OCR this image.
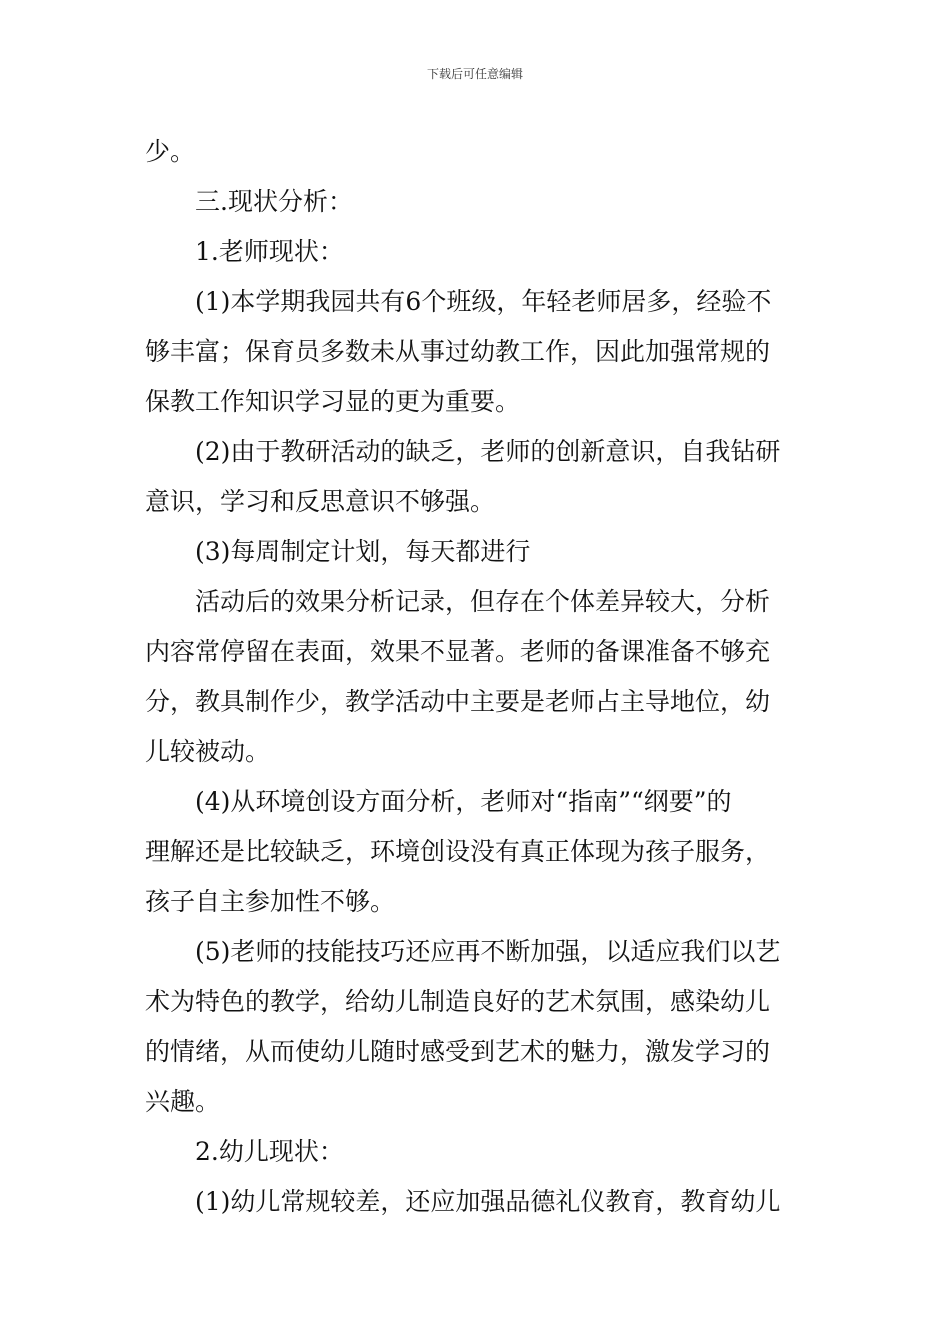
下载后可任意编辑
少。
三.现状分析：
1.老师现状：
(1)本学期我园共有6个班级，年轻老师居多，经验不
够丰富；保育员多数未从事过幼教工作，因此加强常规的
保教工作知识学习显的更为重要。
(2)由于教研活动的缺乏，老师的创新意识，自我钻研
意识，学习和反思意识不够强。
(3)每周制定计划，每天都进行
活动后的效果分析记录，但存在个体差异较大，分析
内容常停留在表面，效果不显著。老师的备课准备不够充
分，教具制作少，教学活动中主要是老师占主导地位，幼
儿较被动。
(4)从环境创设方面分析，老师对“指南”“纲要”的
理解还是比较缺乏，环境创设没有真正体现为孩子服务，
孩子自主参加性不够。
(5)老师的技能技巧还应再不断加强，以适应我们以艺
术为特色的教学，给幼儿制造良好的艺术氛围，感染幼儿
的情绪，从而使幼儿随时感受到艺术的魅力，激发学习的
兴趣。
2.幼儿现状：
(1)幼儿常规较差，还应加强品德礼仪教育，教育幼儿
